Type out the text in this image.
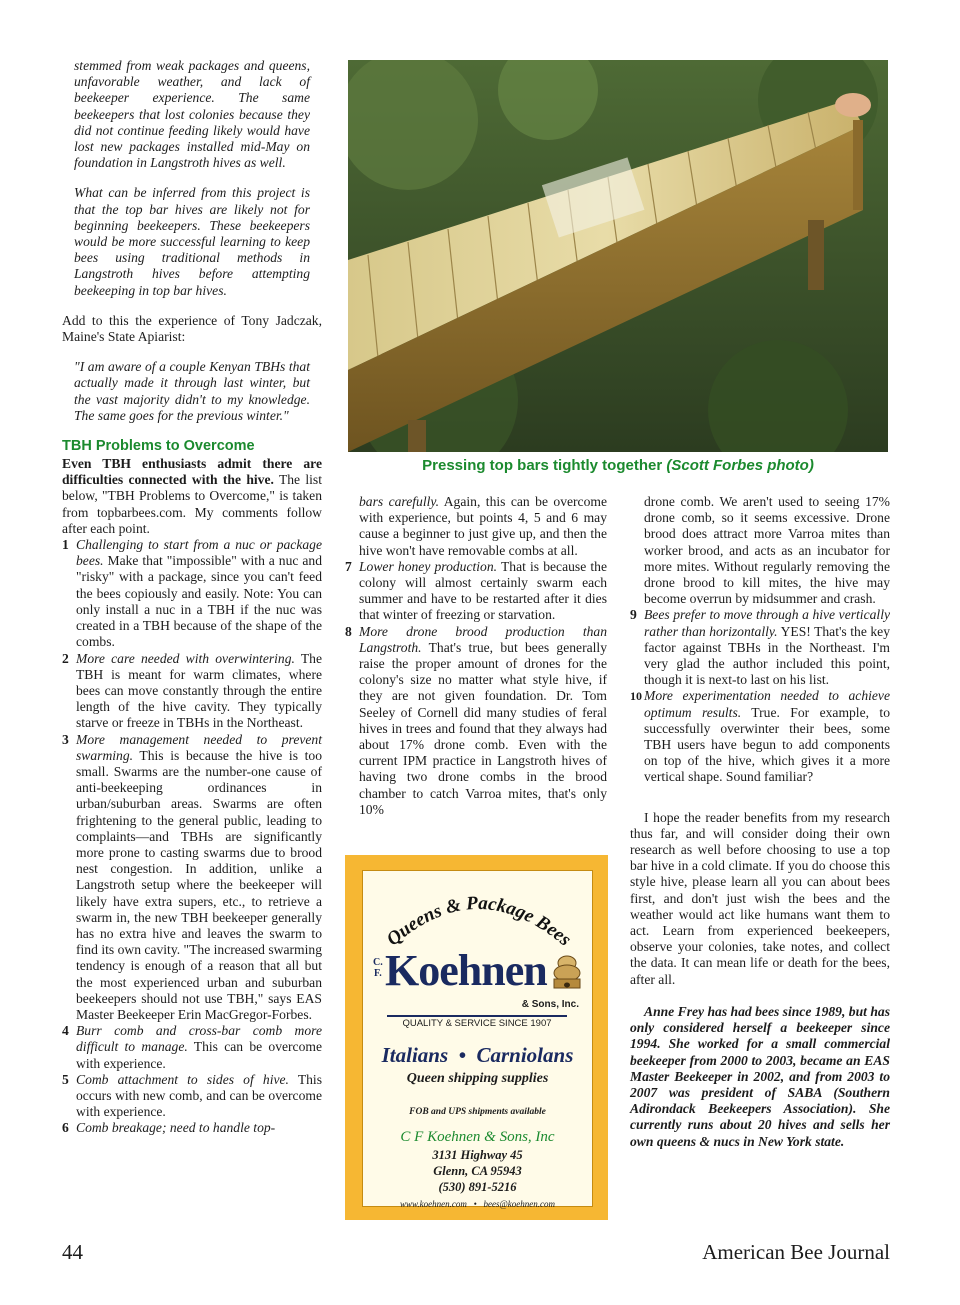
stemmed from weak packages and queens, unfavorable weather, and lack of beekeeper experience. The same beekeepers that lost colonies because they did not continue feeding likely would have lost new packages installed mid-May on foundation in Langstroth hives as well.

What can be inferred from this project is that the top bar hives are likely not for beginning beekeepers. These beekeepers would be more successful learning to keep bees using traditional methods in Langstroth hives before attempting beekeeping in top bar hives.

Add to this the experience of Tony Jadczak, Maine's State Apiarist:

"I am aware of a couple Kenyan TBHs that actually made it through last winter, but the vast majority didn't to my knowledge. The same goes for the previous winter."

TBH Problems to Overcome

Even TBH enthusiasts admit there are difficulties connected with the hive. The list below, "TBH Problems to Overcome," is taken from topbarbees.com. My comments follow after each point.

1 Challenging to start from a nuc or package bees. Make that "impossible" with a nuc and "risky" with a package, since you can't feed the bees copiously and easily. Note: You can only install a nuc in a TBH if the nuc was created in a TBH because of the shape of the combs.
2 More care needed with overwintering. The TBH is meant for warm climates, where bees can move constantly through the entire length of the hive cavity. They typically starve or freeze in TBHs in the Northeast.
3 More management needed to prevent swarming. This is because the hive is too small. Swarms are the number-one cause of anti-beekeeping ordinances in urban/suburban areas. Swarms are often frightening to the general public, leading to complaints—and TBHs are significantly more prone to casting swarms due to brood nest congestion. In addition, unlike a Langstroth setup where the beekeeper will likely have extra supers, etc., to retrieve a swarm in, the new TBH beekeeper generally has no extra hive and leaves the swarm to find its own cavity. "The increased swarming tendency is enough of a reason that all but the most experienced urban and suburban beekeepers should not use TBH," says EAS Master Beekeeper Erin MacGregor-Forbes.
4 Burr comb and cross-bar comb more difficult to manage. This can be overcome with experience.
5 Comb attachment to sides of hive. This occurs with new comb, and can be overcome with experience.
6 Comb breakage; need to handle top-
Pressing top bars tightly together (Scott Forbes photo)

bars carefully. Again, this can be overcome with experience, but points 4, 5 and 6 may cause a beginner to just give up, and then the hive won't have removable combs at all.

7 Lower honey production. That is because the colony will almost certainly swarm each summer and have to be restarted after it dies that winter of freezing or starvation.
8 More drone brood production than Langstroth. That's true, but bees generally raise the proper amount of drones for the colony's size no matter what style hive, if they are not given foundation. Dr. Tom Seeley of Cornell did many studies of feral hives in trees and found that they always had about 17% drone comb. Even with the current IPM practice in Langstroth hives of having two drone combs in the brood chamber to catch Varroa mites, that's only 10%
Queens & Package Bees
C.
F. Koehnen
& Sons, Inc.
QUALITY & SERVICE SINCE 1907
Italians  •  Carniolans
Queen shipping supplies
FOB and UPS shipments available
C F Koehnen & Sons, Inc
3131 Highway 45
Glenn, CA 95943
(530) 891-5216
www.koehnen.com   •   bees@koehnen.com

drone comb. We aren't used to seeing 17% drone comb, so it seems excessive. Drone brood does attract more Varroa mites than worker brood, and acts as an incubator for more mites. Without regularly removing the drone brood to kill mites, the hive may become overrun by midsummer and crash.

9 Bees prefer to move through a hive vertically rather than horizontally. YES! That's the key factor against TBHs in the Northeast. I'm very glad the author included this point, though it is next-to last on his list.
10 More experimentation needed to achieve optimum results. True. For example, to successfully overwinter their bees, some TBH users have begun to add components on top of the hive, which gives it a more vertical shape. Sound familiar?

I hope the reader benefits from my research thus far, and will consider doing their own research as well before choosing to use a top bar hive in a cold climate. If you do choose this style hive, please learn all you can about bees first, and don't just wish the bees and the weather would act like humans want them to act. Learn from experienced beekeepers, observe your colonies, take notes, and collect the data. It can mean life or death for the bees, after all.

Anne Frey has had bees since 1989, but has only considered herself a beekeeper since 1994. She worked for a small commercial beekeeper from 2000 to 2003, became an EAS Master Beekeeper in 2002, and from 2003 to 2007 was president of SABA (Southern Adirondack Beekeepers Association). She currently runs about 20 hives and sells her own queens & nucs in New York state.

44	American Bee Journal
